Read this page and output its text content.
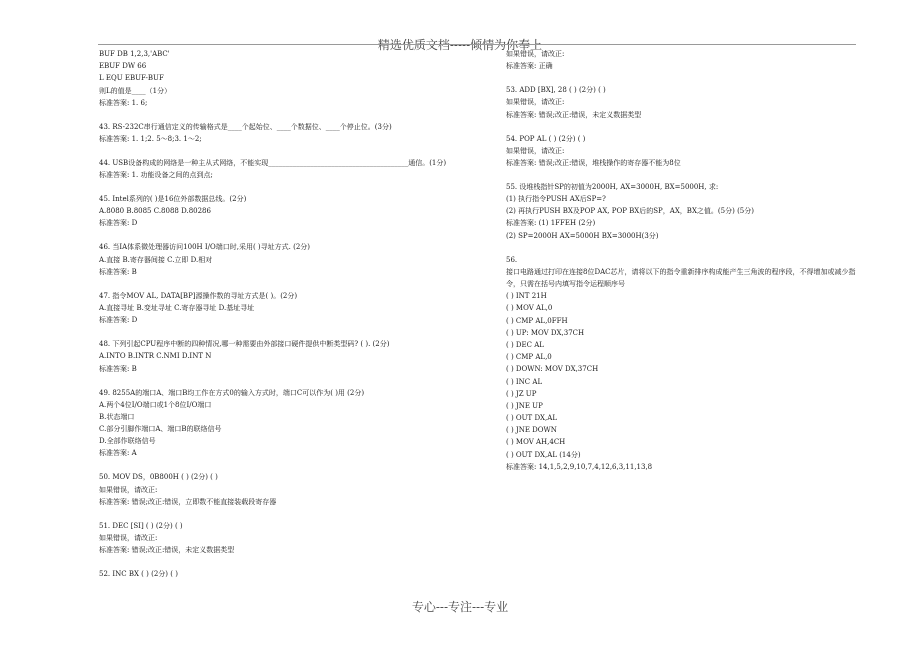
精选优质文档-----倾情为你奉上
BUF DB 1,2,3,'ABC'
EBUF DW 66
L EQU EBUF-BUF
则L的值是____（1分）
标准答案: 1. 6;
43. RS-232C串行通信定义的传输格式是____个起始位、____个数据位、____个停止位。(3分)
标准答案: 1. 1;2. 5～8;3. 1～2;
44. USB设备构成的网络是一种主从式网络，不能实现________________________________________通信。(1分)
标准答案: 1. 功能设备之间的点到点;
45. Intel系列的( )是16位外部数据总线。(2分)
A.8080 B.8085 C.8088 D.80286
标准答案: D
46. 当IA体系微处理器访问100H I/O端口时,采用( )寻址方式. (2分)
A.直接 B.寄存器间接 C.立即 D.相对
标准答案: B
47. 指令MOV AL, DATA[BP]源操作数的寻址方式是( )。(2分)
A.直接寻址 B.变址寻址 C.寄存器寻址 D.基址寻址
标准答案: D
48. 下列引起CPU程序中断的四种情况,哪一种需要由外部接口硬件提供中断类型码? ( ). (2分)
A.INTO B.INTR C.NMI D.INT N
标准答案: B
49. 8255A的端口A、端口B均工作在方式0的输入方式时，端口C可以作为( )用 (2分)
A.两个4位I/O端口或1个8位I/O端口
B.状态端口
C.部分引脚作端口A、端口B的联络信号
D.全部作联络信号
标准答案: A
50. MOV DS，0B800H ( ) (2分) ( )
如果错误，请改正:
标准答案: 错误;改正:错误，立即数不能直接装载段寄存器
51. DEC [SI] ( ) (2分) ( )
如果错误，请改正:
标准答案: 错误;改正:错误，未定义数据类型
52. INC BX ( ) (2分) ( )
如果错误，请改正:
标准答案: 正确
53. ADD [BX], 28 ( ) (2分) ( )
如果错误，请改正:
标准答案: 错误;改正:错误，未定义数据类型
54. POP AL ( ) (2分) ( )
如果错误，请改正:
标准答案: 错误;改正:错误，堆栈操作的寄存器不能为8位
55. 设堆栈指针SP的初值为2000H, AX=3000H, BX=5000H, 求:
(1) 执行指令PUSH AX后SP=?
(2) 再执行PUSH BX及POP AX, POP BX后的SP，AX，BX之值。(5分) (5分)
标准答案: (1) 1FFEH (2分)
(2) SP=2000H AX=5000H BX=3000H(3分)
56.
接口电路通过打印在连接8位DAC芯片，请将以下的指令重新排序构成能产生三角波的程序段，不得增加或减少指
令，只需在括号内填写指令运程顺序号
( ) INT 21H
( ) MOV AL,0
( ) CMP AL,0FFH
( ) UP: MOV DX,37CH
( ) DEC AL
( ) CMP AL,0
( ) DOWN: MOV DX,37CH
( ) INC AL
( ) JZ UP
( ) JNE UP
( ) OUT DX,AL
( ) JNE DOWN
( ) MOV AH,4CH
( ) OUT DX,AL (14分)
标准答案: 14,1,5,2,9,10,7,4,12,6,3,11,13,8
专心---专注---专业
